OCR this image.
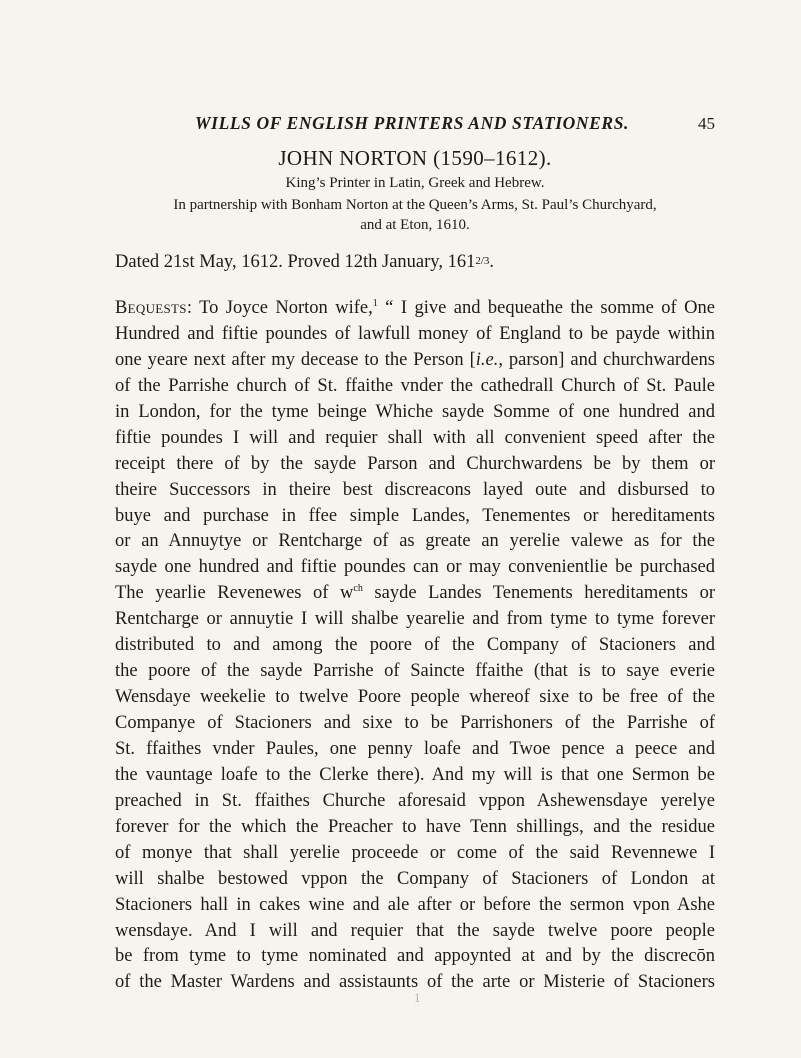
WILLS OF ENGLISH PRINTERS AND STATIONERS.	45
JOHN NORTON (1590–1612).
King’s Printer in Latin, Greek and Hebrew.
In partnership with Bonham Norton at the Queen’s Arms, St. Paul’s Churchyard,
and at Eton, 1610.
Dated 21st May, 1612. Proved 12th January, 1612/3.
Bequests: To Joyce Norton wife,$^1$ “ I give and bequeathe the somme of One
Hundred and fiftie poundes of lawfull money of England to be payde within
one yeare next after my decease to the Person [i.e., parson] and churchwardens
of the Parrishe church of St. ffaithe vnder the cathedrall Church of St. Paule
in London, for the tyme beinge Whiche sayde Somme of one hundred and
fiftie poundes I will and requier shall with all convenient speed after the
receipt there of by the sayde Parson and Churchwardens be by them or
theire Successors in theire best discreacons layed oute and disbursed to
buye and purchase in ffee simple Landes, Tenementes or hereditaments
or an Annuytye or Rentcharge of as greate an yerelie valewe as for the
sayde one hundred and fiftie poundes can or may convenientlie be purchased
The yearlie Revenewes of $w^{ch}$ sayde Landes Tenements hereditaments or
Rentcharge or annuytie I will shalbe yearelie and from tyme to tyme forever
distributed to and among the poore of the Company of Stacioners and
the poore of the sayde Parrishe of Saincte ffaithe (that is to saye everie
Wensdaye weekelie to twelve Poore people whereof sixe to be free of the
Companye of Stacioners and sixe to be Parrishoners of the Parrishe of
St. ffaithes vnder Paules, one penny loafe and Twoe pence a peece and
the vauntage loafe to the Clerke there). And my will is that one Sermon be
preached in St. ffaithes Churche aforesaid vppon Ashewensdaye yerelye
forever for the which the Preacher to have Tenn shillings, and the residue
of monye that shall yerelie proceede or come of the said Revennewe I
will shalbe bestowed vppon the Company of Stacioners of London at
Stacioners hall in cakes wine and ale after or before the sermon vpon Ashe
wensdaye. And I will and requier that the sayde twelve poore people
be from tyme to tyme nominated and appoynted at and by the discrecōn
of the Master Wardens and assistaunts of the arte or Misterie of Stacioners
1
